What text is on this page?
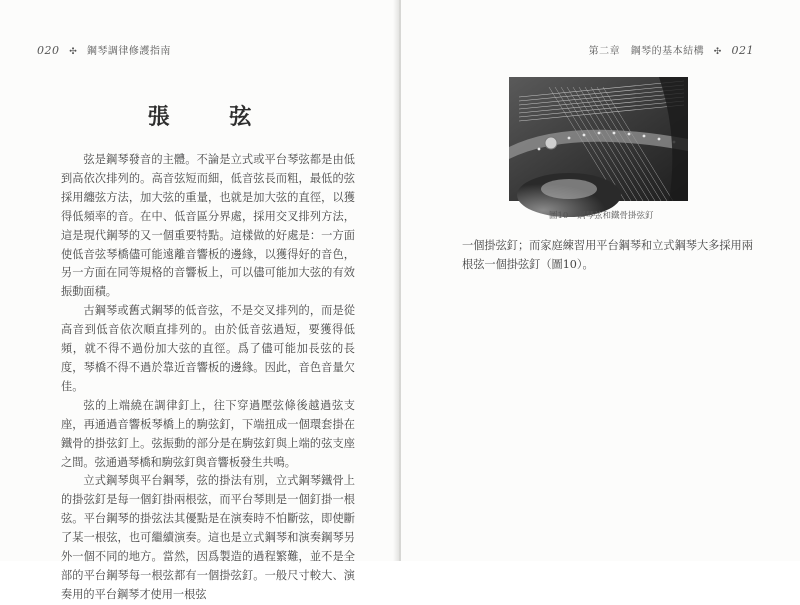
020 ✣ 鋼琴調律修護指南
張 弦

弦是鋼琴發音的主體。不論是立式或平台琴弦都是由低到高依次排列的。高音弦短而細，低音弦長而粗，最低的弦採用纏弦方法，加大弦的重量，也就是加大弦的直徑，以獲得低頻率的音。在中、低音區分界處，採用交叉排列方法，這是現代鋼琴的又一個重要特點。這樣做的好處是：一方面使低音弦琴橋儘可能遠離音響板的邊緣，以獲得好的音色，另一方面在同等規格的音響板上，可以儘可能加大弦的有效振動面積。

古鋼琴或舊式鋼琴的低音弦，不是交叉排列的，而是從高音到低音依次順直排列的。由於低音弦過短，要獲得低頻，就不得不過份加大弦的直徑。爲了儘可能加長弦的長度，琴橋不得不過於靠近音響板的邊緣。因此，音色音量欠佳。

弦的上端繞在調律釘上，往下穿過壓弦條後越過弦支座，再通過音響板琴橋上的駒弦釘，下端扭成一個環套掛在鐵骨的掛弦釘上。弦振動的部分是在駒弦釘與上端的弦支座之間。弦通過琴橋和駒弦釘與音響板發生共鳴。

立式鋼琴與平台鋼琴，弦的掛法有別，立式鋼琴鐵骨上的掛弦釘是每一個釘掛兩根弦，而平台琴則是一個釘掛一根弦。平台鋼琴的掛弦法其優點是在演奏時不怕斷弦，即使斷了某一根弦，也可繼續演奏。這也是立式鋼琴和演奏鋼琴另外一個不同的地方。當然，因爲製造的過程繁難，並不是全部的平台鋼琴每一根弦都有一個掛弦釘。一般尺寸較大、演奏用的平台鋼琴才使用一根弦

第二章　鋼琴的基本結構 ✣ 021
圖10 鋼琴弦和鐵骨掛弦釘

一個掛弦釘；而家庭練習用平台鋼琴和立式鋼琴大多採用兩根弦一個掛弦釘（圖10）。
